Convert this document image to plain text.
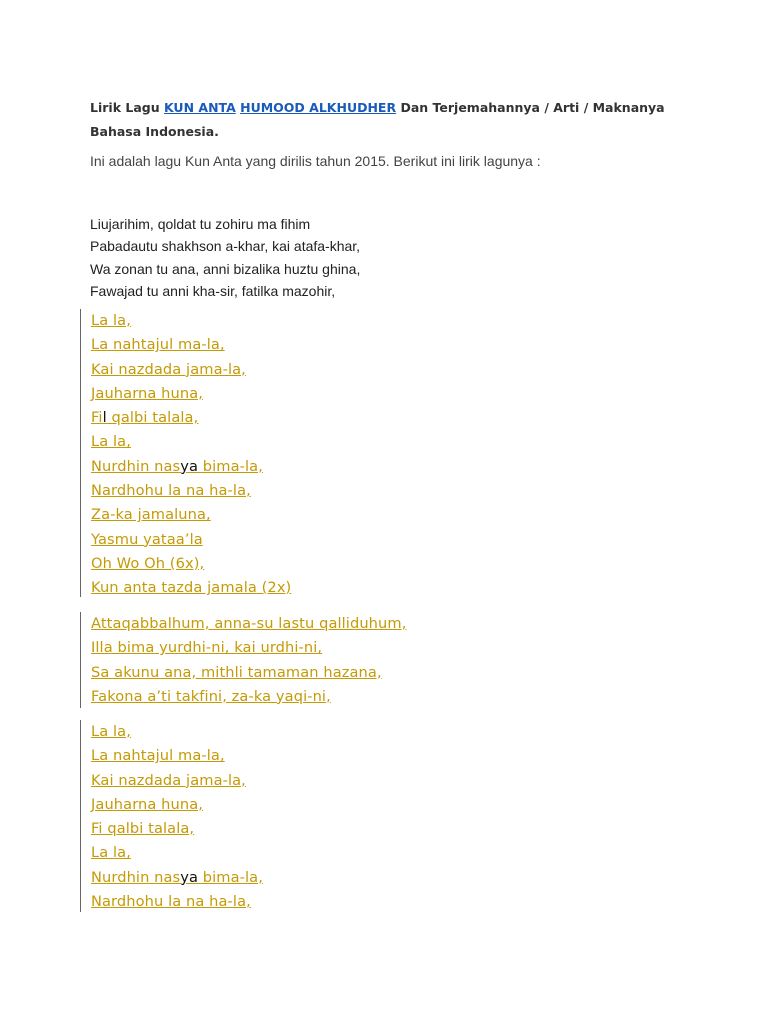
Lirik Lagu KUN ANTA HUMOOD ALKHUDHER Dan Terjemahannya / Arti / Maknanya Bahasa Indonesia.
Ini adalah lagu Kun Anta yang dirilis tahun 2015. Berikut ini lirik lagunya :
Liujarihim, qoldat tu zohiru ma fihim
Pabadautu shakhson a-khar, kai atafa-khar,
Wa zonan tu ana, anni bizalika huztu ghina,
Fawajad tu anni kha-sir, fatilka mazohir,
La la,
La nahtajul ma-la,
Kai nazdada jama-la,
Jauharna huna,
Fil qalbi talala,
La la,
Nurdhin nasya bima-la,
Nardhohu la na ha-la,
Za-ka jamaluna,
Yasmu yataa’la
Oh Wo Oh (6x),
Kun anta tazda jamala (2x)
Attaqabbalhum, anna-su lastu qalliduhum,
Illa bima yurdhi-ni, kai urdhi-ni,
Sa akunu ana, mithli tamaman hazana,
Fakona a’ti takfini, za-ka yaqi-ni,
La la,
La nahtajul ma-la,
Kai nazdada jama-la,
Jauharna huna,
Fi qalbi talala,
La la,
Nurdhin nasya bima-la,
Nardhohu la na ha-la,
